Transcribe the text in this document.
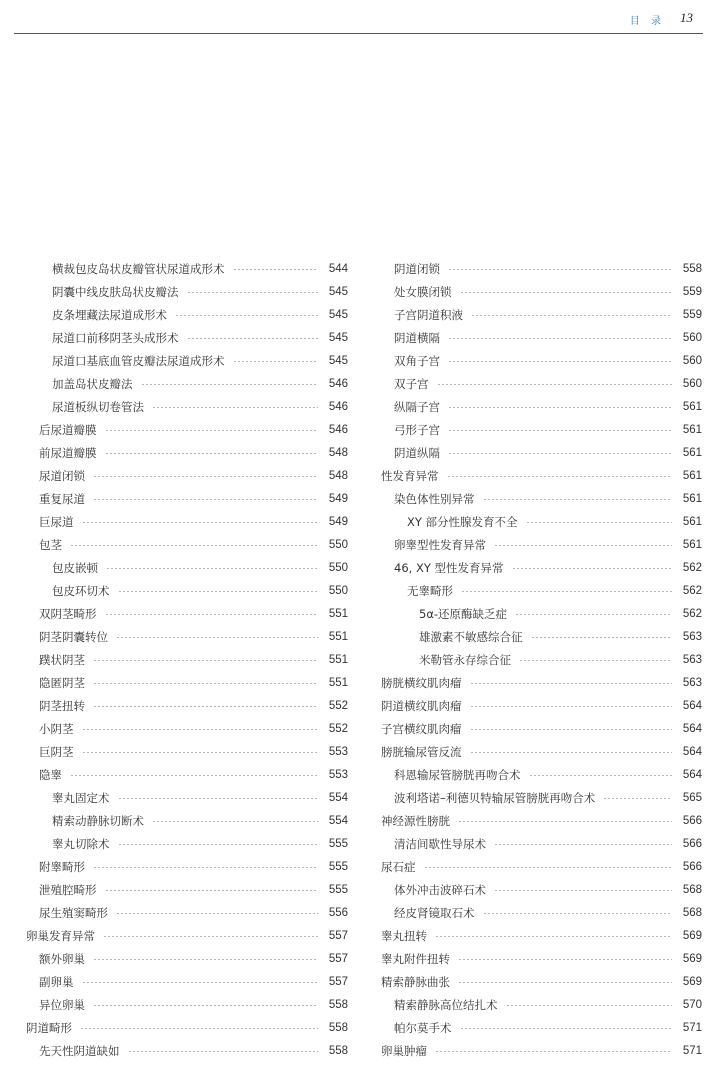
目 录 13
横裁包皮岛状皮瓣管状尿道成形术	544
阴囊中线皮肤岛状皮瓣法	545
皮条埋藏法尿道成形术	545
尿道口前移阴茎头成形术	545
尿道口基底血管皮瓣法尿道成形术	545
加盖岛状皮瓣法	546
尿道板纵切卷管法	546
后尿道瓣膜	546
前尿道瓣膜	548
尿道闭锁	548
重复尿道	549
巨尿道	549
包茎	550
包皮嵌顿	550
包皮环切术	550
双阴茎畸形	551
阴茎阴囊转位	551
蹼状阴茎	551
隐匿阴茎	551
阴茎扭转	552
小阴茎	552
巨阴茎	553
隐睾	553
睾丸固定术	554
精索动静脉切断术	554
睾丸切除术	555
附睾畸形	555
泄殖腔畸形	555
尿生殖窦畸形	556
卵巢发育异常	557
额外卵巢	557
副卵巢	557
异位卵巢	558
阴道畸形	558
先天性阴道缺如	558
阴道闭锁	558
处女膜闭锁	559
子宫阴道积液	559
阴道横隔	560
双角子宫	560
双子宫	560
纵隔子宫	561
弓形子宫	561
阴道纵隔	561
性发育异常	561
染色体性别异常	561
XY 部分性腺发育不全	561
卵睾型性发育异常	561
46, XY 型性发育异常	562
无睾畸形	562
5α-还原酶缺乏症	562
雄激素不敏感综合征	563
米勒管永存综合征	563
膀胱横纹肌肉瘤	563
阴道横纹肌肉瘤	564
子宫横纹肌肉瘤	564
膀胱输尿管反流	564
科恩输尿管膀胱再吻合术	564
波利塔诺–利德贝特输尿管膀胱再吻合术	565
神经源性膀胱	566
清洁间歇性导尿术	566
尿石症	566
体外冲击波碎石术	568
经皮肾镜取石术	568
睾丸扭转	569
睾丸附件扭转	569
精索静脉曲张	569
精索静脉高位结扎术	570
帕尔莫手术	571
卵巢肿瘤	571
